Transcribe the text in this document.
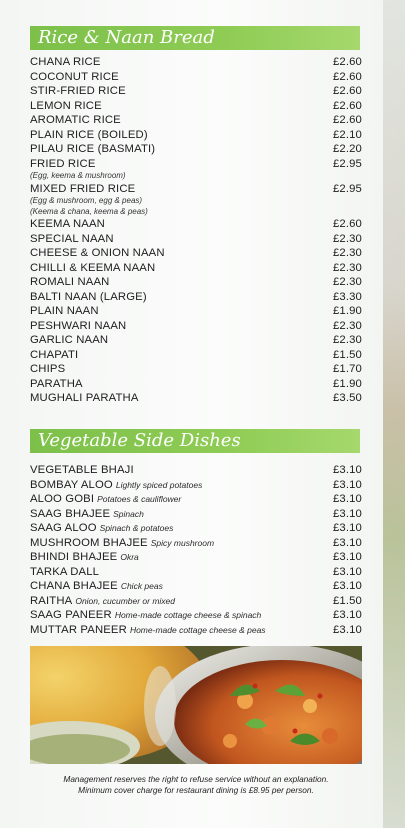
Rice & Naan Bread
CHANA RICE	£2.60
COCONUT RICE	£2.60
STIR-FRIED RICE	£2.60
LEMON RICE	£2.60
AROMATIC RICE	£2.60
PLAIN RICE (BOILED)	£2.10
PILAU RICE (BASMATI)	£2.20
FRIED RICE	£2.95
(Egg, keema & mushroom)
MIXED FRIED RICE	£2.95
(Egg & mushroom, egg & peas)
(Keema & chana, keema & peas)
KEEMA NAAN	£2.60
SPECIAL NAAN	£2.30
CHEESE & ONION NAAN	£2.30
CHILLI & KEEMA NAAN	£2.30
ROMALI NAAN	£2.30
BALTI NAAN (LARGE)	£3.30
PLAIN NAAN	£1.90
PESHWARI NAAN	£2.30
GARLIC NAAN	£2.30
CHAPATI	£1.50
CHIPS	£1.70
PARATHA	£1.90
MUGHALI PARATHA	£3.50
Vegetable Side Dishes
VEGETABLE BHAJI	£3.10
BOMBAY ALOO Lightly spiced potatoes	£3.10
ALOO GOBI Potatoes & cauliflower	£3.10
SAAG BHAJEE Spinach	£3.10
SAAG ALOO Spinach & potatoes	£3.10
MUSHROOM BHAJEE Spicy mushroom	£3.10
BHINDI BHAJEE Okra	£3.10
TARKA DALL	£3.10
CHANA BHAJEE Chick peas	£3.10
RAITHA Onion, cucumber or mixed	£1.50
SAAG PANEER Home-made cottage cheese & spinach	£3.10
MUTTAR PANEER Home-made cottage cheese & peas	£3.10
Management reserves the right to refuse service without an explanation.
Minimum cover charge for restaurant dining is £8.95 per person.
